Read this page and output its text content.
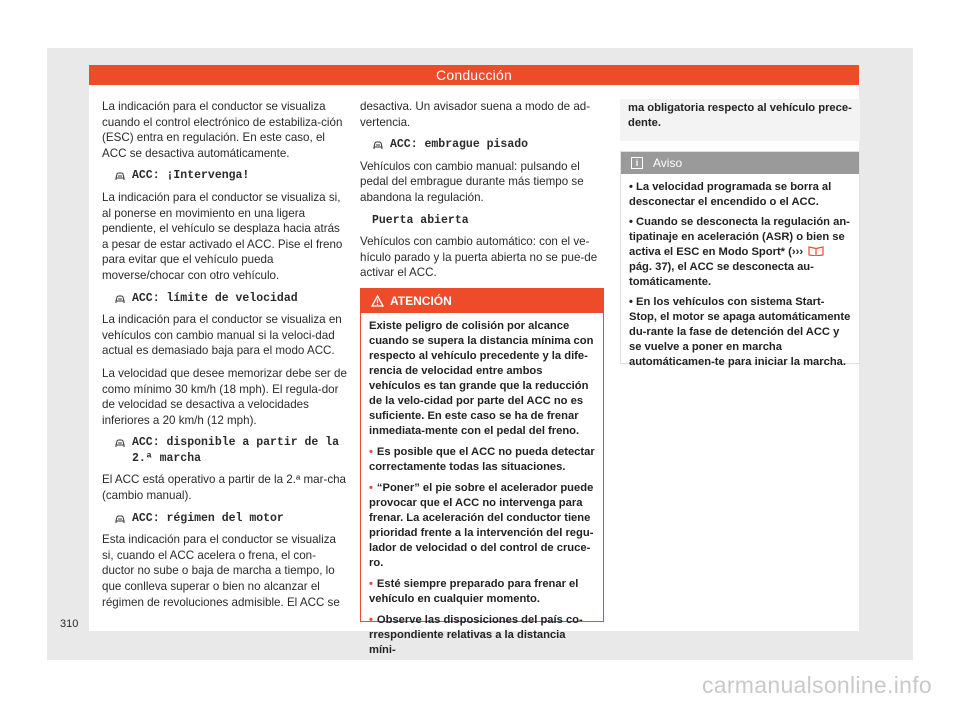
Conducción

La indicación para el conductor se visualiza cuando el control electrónico de estabiliza-ción (ESC) entra en regulación. En este caso, el ACC se desactiva automáticamente.

ACC: ¡Intervenga!

La indicación para el conductor se visualiza si, al ponerse en movimiento en una ligera pendiente, el vehículo se desplaza hacia atrás a pesar de estar activado el ACC. Pise el freno para evitar que el vehículo pueda moverse/chocar con otro vehículo.

ACC: límite de velocidad

La indicación para el conductor se visualiza en vehículos con cambio manual si la veloci-dad actual es demasiado baja para el modo ACC.

La velocidad que desee memorizar debe ser de como mínimo 30 km/h (18 mph). El regula-dor de velocidad se desactiva a velocidades inferiores a 20 km/h (12 mph).

ACC: disponible a partir de la 2.ª marcha

El ACC está operativo a partir de la 2.ª mar-cha (cambio manual).

ACC: régimen del motor

Esta indicación para el conductor se visualiza si, cuando el ACC acelera o frena, el con-ductor no sube o baja de marcha a tiempo, lo que conlleva superar o bien no alcanzar el régimen de revoluciones admisible. El ACC se

desactiva. Un avisador suena a modo de ad-vertencia.

ACC: embrague pisado

Vehículos con cambio manual: pulsando el pedal del embrague durante más tiempo se abandona la regulación.

Puerta abierta

Vehículos con cambio automático: con el ve-hículo parado y la puerta abierta no se pue-de activar el ACC.

ATENCIÓN

Existe peligro de colisión por alcance cuando se supera la distancia mínima con respecto al vehículo precedente y la dife-rencia de velocidad entre ambos vehículos es tan grande que la reducción de la velo-cidad por parte del ACC no es suficiente. En este caso se ha de frenar inmediata-mente con el pedal del freno.

• Es posible que el ACC no pueda detectar correctamente todas las situaciones.

• “Poner” el pie sobre el acelerador puede provocar que el ACC no intervenga para frenar. La aceleración del conductor tiene prioridad frente a la intervención del regu-lador de velocidad o del control de cruce-ro.

• Esté siempre preparado para frenar el vehículo en cualquier momento.

• Observe las disposiciones del país co-rrespondiente relativas a la distancia míni-

ma obligatoria respecto al vehículo prece-dente.
i	Aviso

• La velocidad programada se borra al desconectar el encendido o el ACC.

• Cuando se desconecta la regulación an-tipatinaje en aceleración (ASR) o bien se activa el ESC en Modo Sport* (›››  pág. 37), el ACC se desconecta au-tomáticamente.

• En los vehículos con sistema Start-Stop, el motor se apaga automáticamente du-rante la fase de detención del ACC y se vuelve a poner en marcha automáticamen-te para iniciar la marcha.

310
carmanualsonline.info
